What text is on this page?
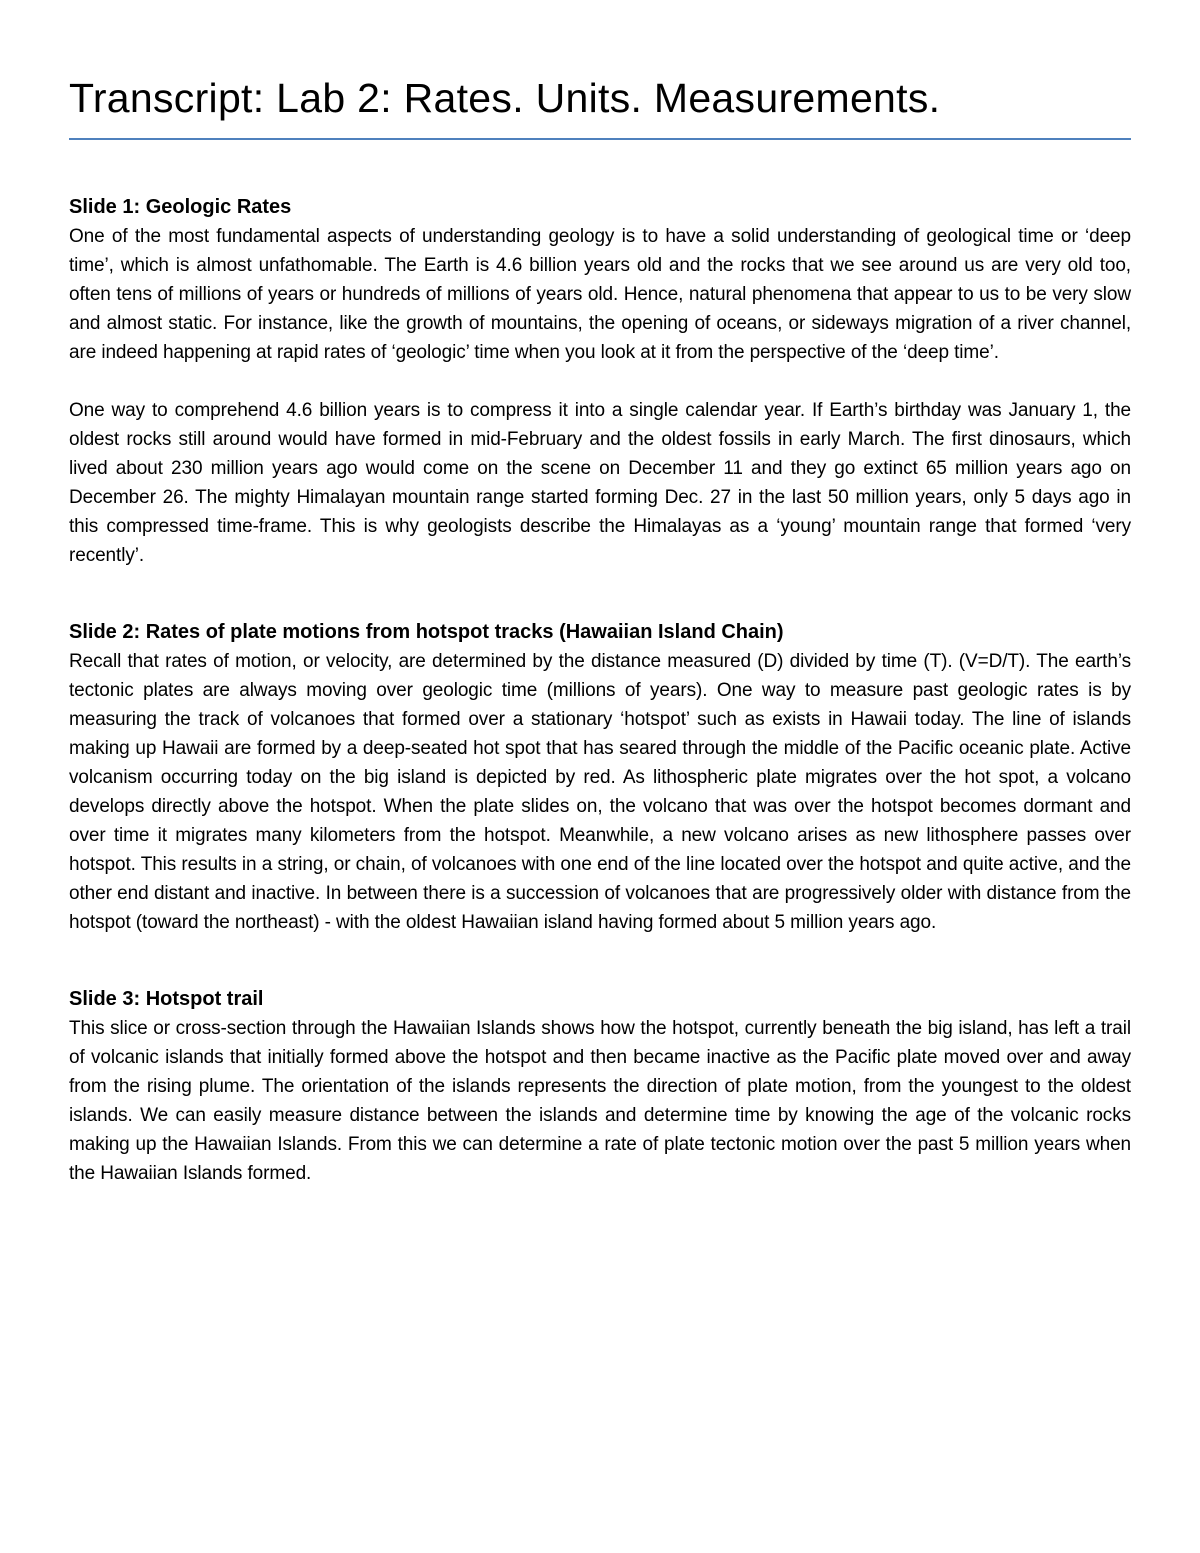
Transcript: Lab 2: Rates. Units. Measurements.
Slide 1: Geologic Rates

One of the most fundamental aspects of understanding geology is to have a solid understanding of geological time or ‘deep time’, which is almost unfathomable. The Earth is 4.6 billion years old and the rocks that we see around us are very old too, often tens of millions of years or hundreds of millions of years old. Hence, natural phenomena that appear to us to be very slow and almost static. For instance, like the growth of mountains, the opening of oceans, or sideways migration of a river channel, are indeed happening at rapid rates of ‘geologic’ time when you look at it from the perspective of the ‘deep time’.

One way to comprehend 4.6 billion years is to compress it into a single calendar year. If Earth’s birthday was January 1, the oldest rocks still around would have formed in mid-February and the oldest fossils in early March. The first dinosaurs, which lived about 230 million years ago would come on the scene on December 11 and they go extinct 65 million years ago on December 26. The mighty Himalayan mountain range started forming Dec. 27 in the last 50 million years, only 5 days ago in this compressed time-frame. This is why geologists describe the Himalayas as a ‘young’ mountain range that formed ‘very recently’.

Slide 2: Rates of plate motions from hotspot tracks (Hawaiian Island Chain)

Recall that rates of motion, or velocity, are determined by the distance measured (D) divided by time (T). (V=D/T). The earth’s tectonic plates are always moving over geologic time (millions of years). One way to measure past geologic rates is by measuring the track of volcanoes that formed over a stationary ‘hotspot’ such as exists in Hawaii today. The line of islands making up Hawaii are formed by a deep-seated hot spot that has seared through the middle of the Pacific oceanic plate. Active volcanism occurring today on the big island is depicted by red. As lithospheric plate migrates over the hot spot, a volcano develops directly above the hotspot. When the plate slides on, the volcano that was over the hotspot becomes dormant and over time it migrates many kilometers from the hotspot. Meanwhile, a new volcano arises as new lithosphere passes over hotspot. This results in a string, or chain, of volcanoes with one end of the line located over the hotspot and quite active, and the other end distant and inactive. In between there is a succession of volcanoes that are progressively older with distance from the hotspot (toward the northeast) - with the oldest Hawaiian island having formed about 5 million years ago.

Slide 3: Hotspot trail

This slice or cross-section through the Hawaiian Islands shows how the hotspot, currently beneath the big island, has left a trail of volcanic islands that initially formed above the hotspot and then became inactive as the Pacific plate moved over and away from the rising plume. The orientation of the islands represents the direction of plate motion, from the youngest to the oldest islands. We can easily measure distance between the islands and determine time by knowing the age of the volcanic rocks making up the Hawaiian Islands. From this we can determine a rate of plate tectonic motion over the past 5 million years when the Hawaiian Islands formed.
